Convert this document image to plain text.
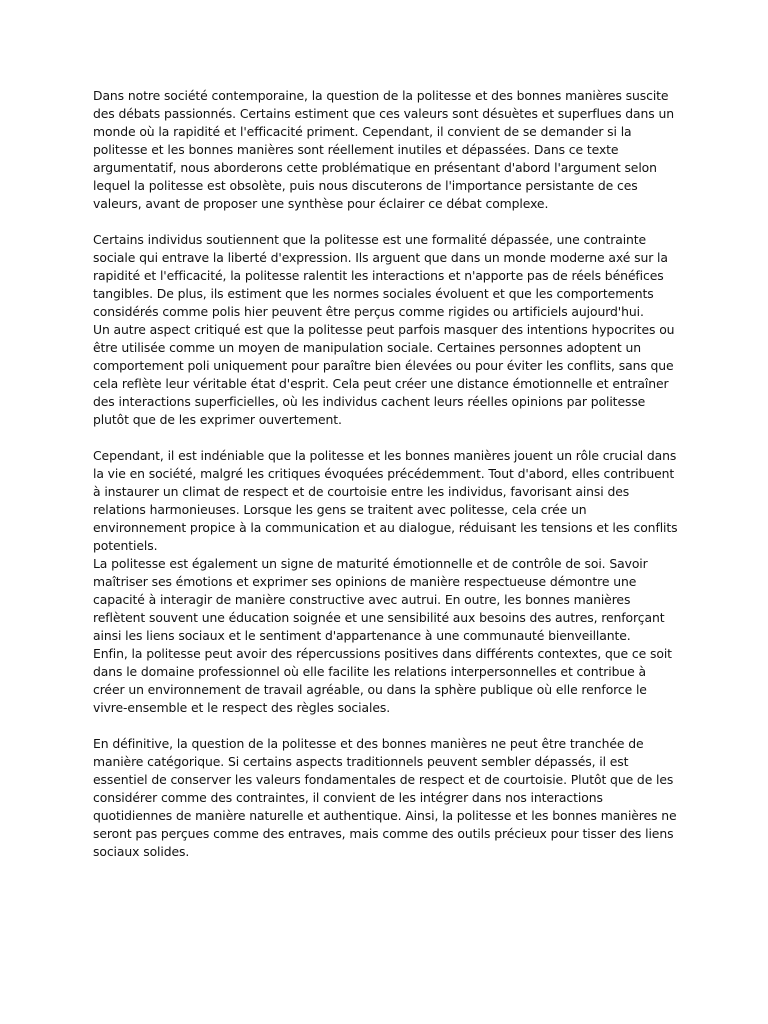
Dans notre société contemporaine, la question de la politesse et des bonnes manières suscite des débats passionnés. Certains estiment que ces valeurs sont désuètes et superflues dans un monde où la rapidité et l'efficacité priment. Cependant, il convient de se demander si la politesse et les bonnes manières sont réellement inutiles et dépassées. Dans ce texte argumentatif, nous aborderons cette problématique en présentant d'abord l'argument selon lequel la politesse est obsolète, puis nous discuterons de l'importance persistante de ces valeurs, avant de proposer une synthèse pour éclairer ce débat complexe.

Certains individus soutiennent que la politesse est une formalité dépassée, une contrainte sociale qui entrave la liberté d'expression. Ils arguent que dans un monde moderne axé sur la rapidité et l'efficacité, la politesse ralentit les interactions et n'apporte pas de réels bénéfices tangibles. De plus, ils estiment que les normes sociales évoluent et que les comportements considérés comme polis hier peuvent être perçus comme rigides ou artificiels aujourd'hui.

Un autre aspect critiqué est que la politesse peut parfois masquer des intentions hypocrites ou être utilisée comme un moyen de manipulation sociale. Certaines personnes adoptent un comportement poli uniquement pour paraître bien élevées ou pour éviter les conflits, sans que cela reflète leur véritable état d'esprit. Cela peut créer une distance émotionnelle et entraîner des interactions superficielles, où les individus cachent leurs réelles opinions par politesse plutôt que de les exprimer ouvertement.

Cependant, il est indéniable que la politesse et les bonnes manières jouent un rôle crucial dans la vie en société, malgré les critiques évoquées précédemment. Tout d'abord, elles contribuent à instaurer un climat de respect et de courtoisie entre les individus, favorisant ainsi des relations harmonieuses. Lorsque les gens se traitent avec politesse, cela crée un environnement propice à la communication et au dialogue, réduisant les tensions et les conflits potentiels.

La politesse est également un signe de maturité émotionnelle et de contrôle de soi. Savoir maîtriser ses émotions et exprimer ses opinions de manière respectueuse démontre une capacité à interagir de manière constructive avec autrui. En outre, les bonnes manières reflètent souvent une éducation soignée et une sensibilité aux besoins des autres, renforçant ainsi les liens sociaux et le sentiment d'appartenance à une communauté bienveillante.

Enfin, la politesse peut avoir des répercussions positives dans différents contextes, que ce soit dans le domaine professionnel où elle facilite les relations interpersonnelles et contribue à créer un environnement de travail agréable, ou dans la sphère publique où elle renforce le vivre-ensemble et le respect des règles sociales.

En définitive, la question de la politesse et des bonnes manières ne peut être tranchée de manière catégorique. Si certains aspects traditionnels peuvent sembler dépassés, il est essentiel de conserver les valeurs fondamentales de respect et de courtoisie. Plutôt que de les considérer comme des contraintes, il convient de les intégrer dans nos interactions quotidiennes de manière naturelle et authentique. Ainsi, la politesse et les bonnes manières ne seront pas perçues comme des entraves, mais comme des outils précieux pour tisser des liens sociaux solides.
